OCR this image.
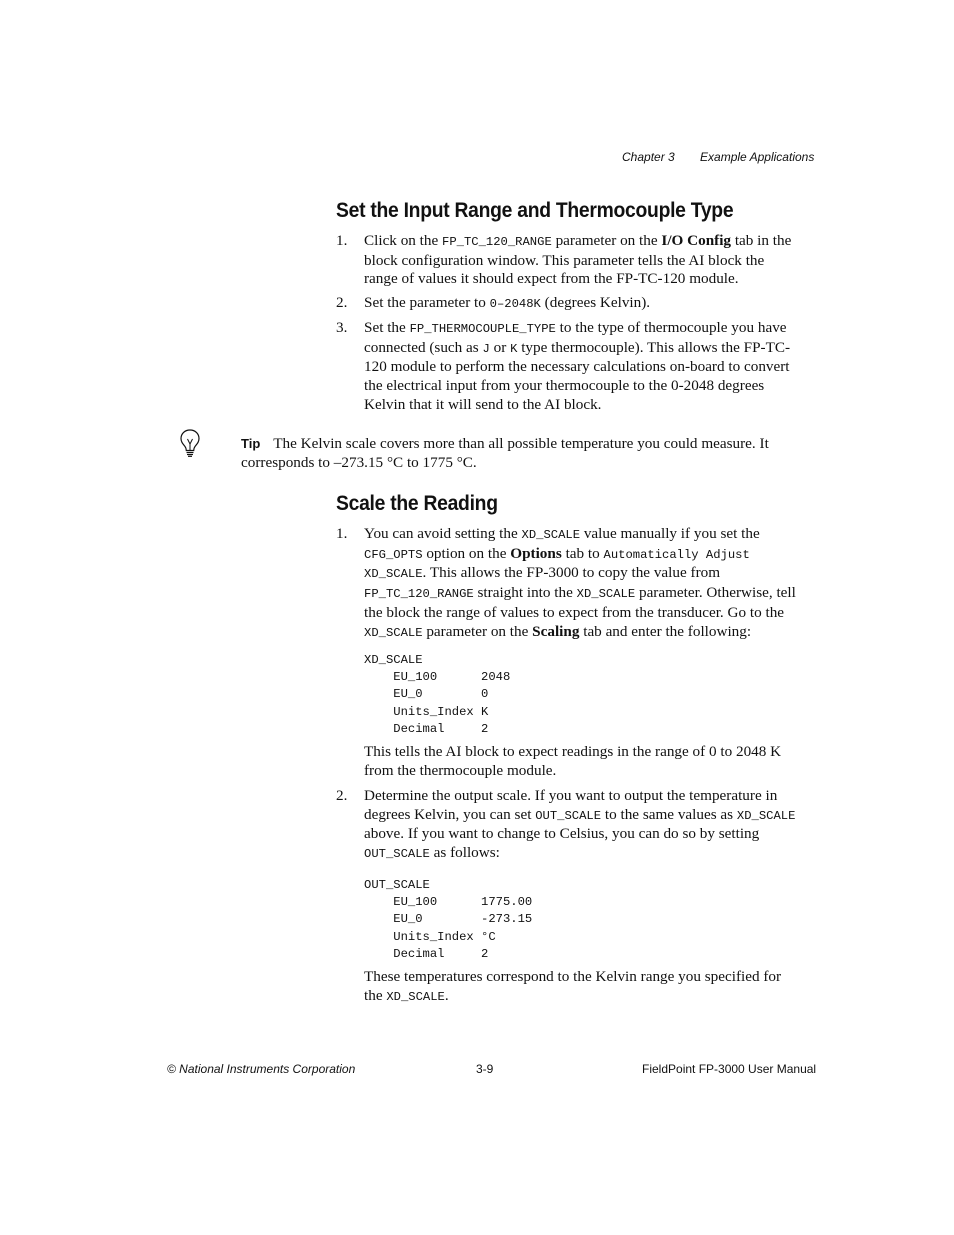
Chapter 3 Example Applications
Set the Input Range and Thermocouple Type
1. Click on the FP_TC_120_RANGE parameter on the I/O Config tab in the block configuration window. This parameter tells the AI block the range of values it should expect from the FP-TC-120 module.
2. Set the parameter to 0–2048K (degrees Kelvin).
3. Set the FP_THERMOCOUPLE_TYPE to the type of thermocouple you have connected (such as J or K type thermocouple). This allows the FP-TC-120 module to perform the necessary calculations on-board to convert the electrical input from your thermocouple to the 0-2048 degrees Kelvin that it will send to the AI block.
Tip The Kelvin scale covers more than all possible temperature you could measure. It corresponds to –273.15 °C to 1775 °C.
Scale the Reading
1. You can avoid setting the XD_SCALE value manually if you set the CFG_OPTS option on the Options tab to Automatically Adjust XD_SCALE. This allows the FP-3000 to copy the value from FP_TC_120_RANGE straight into the XD_SCALE parameter. Otherwise, tell the block the range of values to expect from the transducer. Go to the XD_SCALE parameter on the Scaling tab and enter the following:
XD_SCALE
EU_100      2048
EU_0        0
Units_Index K
Decimal     2
This tells the AI block to expect readings in the range of 0 to 2048 K from the thermocouple module.
2. Determine the output scale. If you want to output the temperature in degrees Kelvin, you can set OUT_SCALE to the same values as XD_SCALE above. If you want to change to Celsius, you can do so by setting OUT_SCALE as follows:
OUT_SCALE
EU_100      1775.00
EU_0        -273.15
Units_Index °C
Decimal     2
These temperatures correspond to the Kelvin range you specified for the XD_SCALE.
© National Instruments Corporation	3-9	FieldPoint FP-3000 User Manual
